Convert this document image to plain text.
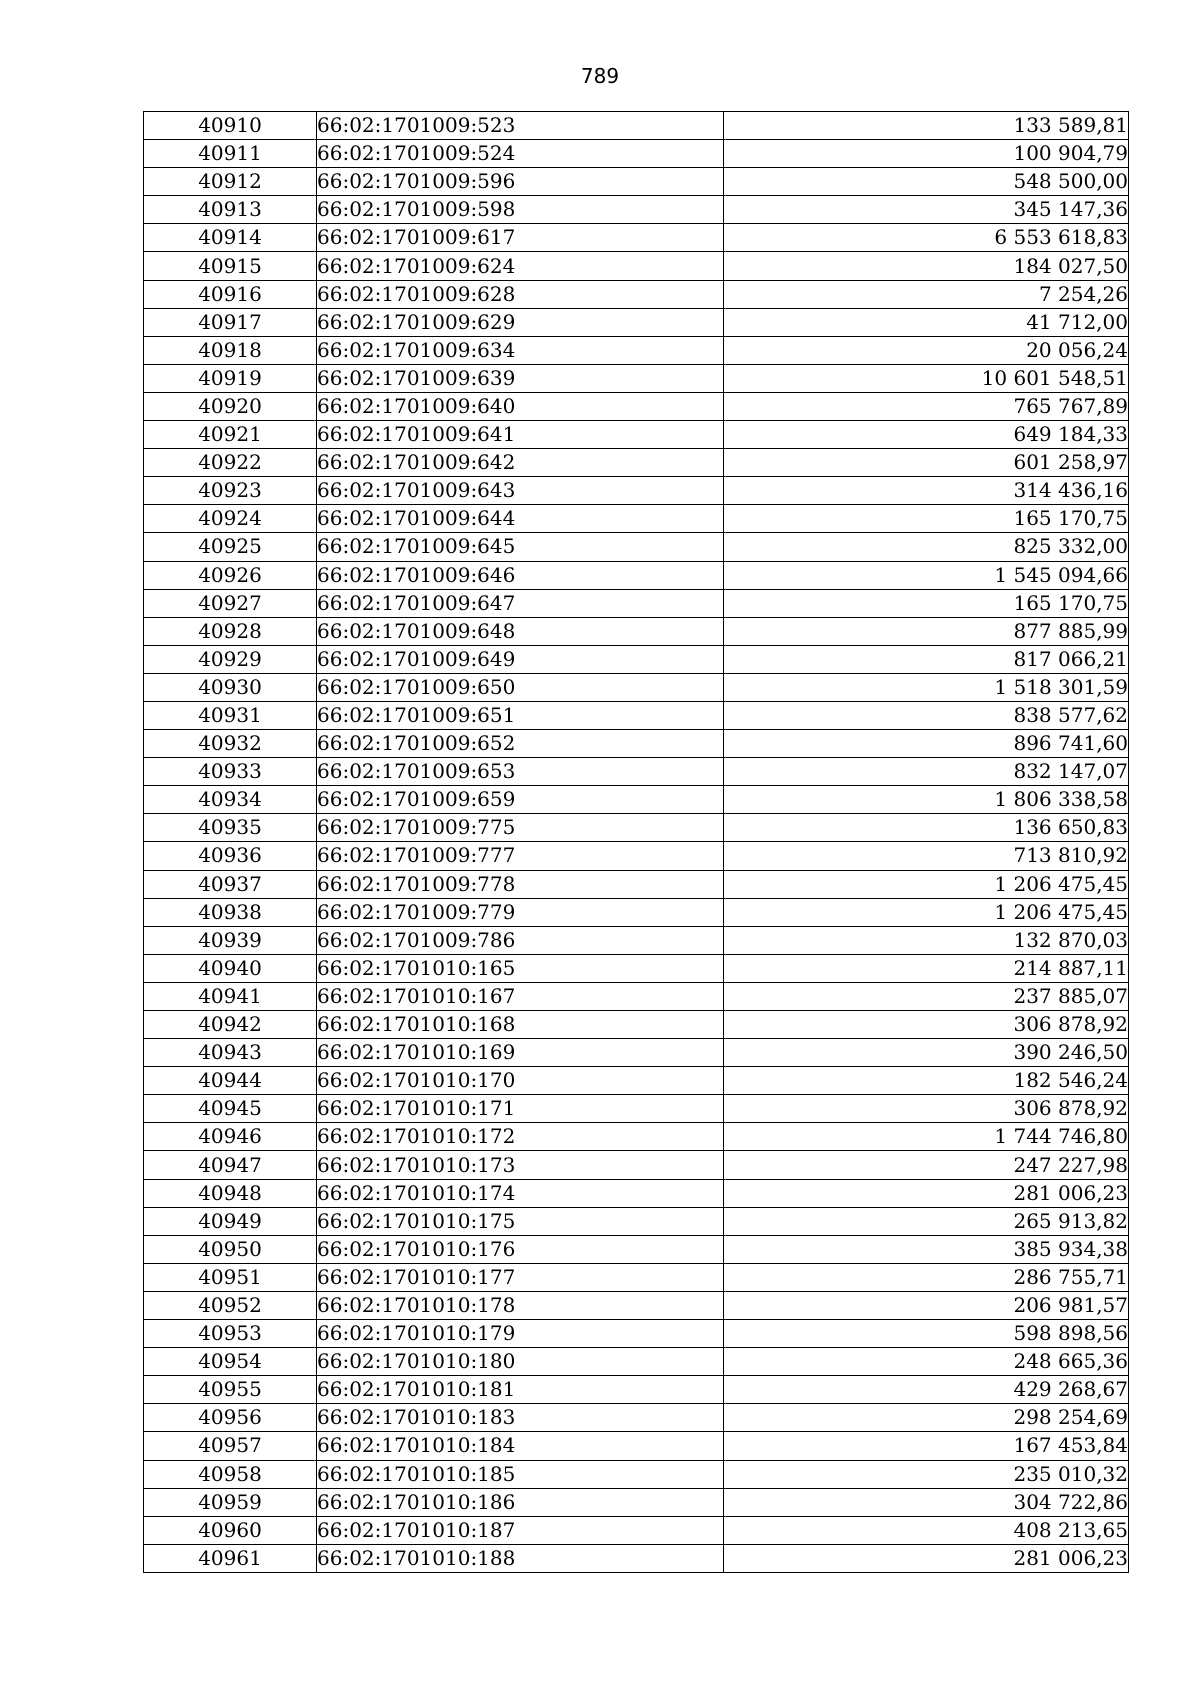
789
40910	66:02:1701009:523	133 589,81
40911	66:02:1701009:524	100 904,79
40912	66:02:1701009:596	548 500,00
40913	66:02:1701009:598	345 147,36
40914	66:02:1701009:617	6 553 618,83
40915	66:02:1701009:624	184 027,50
40916	66:02:1701009:628	7 254,26
40917	66:02:1701009:629	41 712,00
40918	66:02:1701009:634	20 056,24
40919	66:02:1701009:639	10 601 548,51
40920	66:02:1701009:640	765 767,89
40921	66:02:1701009:641	649 184,33
40922	66:02:1701009:642	601 258,97
40923	66:02:1701009:643	314 436,16
40924	66:02:1701009:644	165 170,75
40925	66:02:1701009:645	825 332,00
40926	66:02:1701009:646	1 545 094,66
40927	66:02:1701009:647	165 170,75
40928	66:02:1701009:648	877 885,99
40929	66:02:1701009:649	817 066,21
40930	66:02:1701009:650	1 518 301,59
40931	66:02:1701009:651	838 577,62
40932	66:02:1701009:652	896 741,60
40933	66:02:1701009:653	832 147,07
40934	66:02:1701009:659	1 806 338,58
40935	66:02:1701009:775	136 650,83
40936	66:02:1701009:777	713 810,92
40937	66:02:1701009:778	1 206 475,45
40938	66:02:1701009:779	1 206 475,45
40939	66:02:1701009:786	132 870,03
40940	66:02:1701010:165	214 887,11
40941	66:02:1701010:167	237 885,07
40942	66:02:1701010:168	306 878,92
40943	66:02:1701010:169	390 246,50
40944	66:02:1701010:170	182 546,24
40945	66:02:1701010:171	306 878,92
40946	66:02:1701010:172	1 744 746,80
40947	66:02:1701010:173	247 227,98
40948	66:02:1701010:174	281 006,23
40949	66:02:1701010:175	265 913,82
40950	66:02:1701010:176	385 934,38
40951	66:02:1701010:177	286 755,71
40952	66:02:1701010:178	206 981,57
40953	66:02:1701010:179	598 898,56
40954	66:02:1701010:180	248 665,36
40955	66:02:1701010:181	429 268,67
40956	66:02:1701010:183	298 254,69
40957	66:02:1701010:184	167 453,84
40958	66:02:1701010:185	235 010,32
40959	66:02:1701010:186	304 722,86
40960	66:02:1701010:187	408 213,65
40961	66:02:1701010:188	281 006,23
